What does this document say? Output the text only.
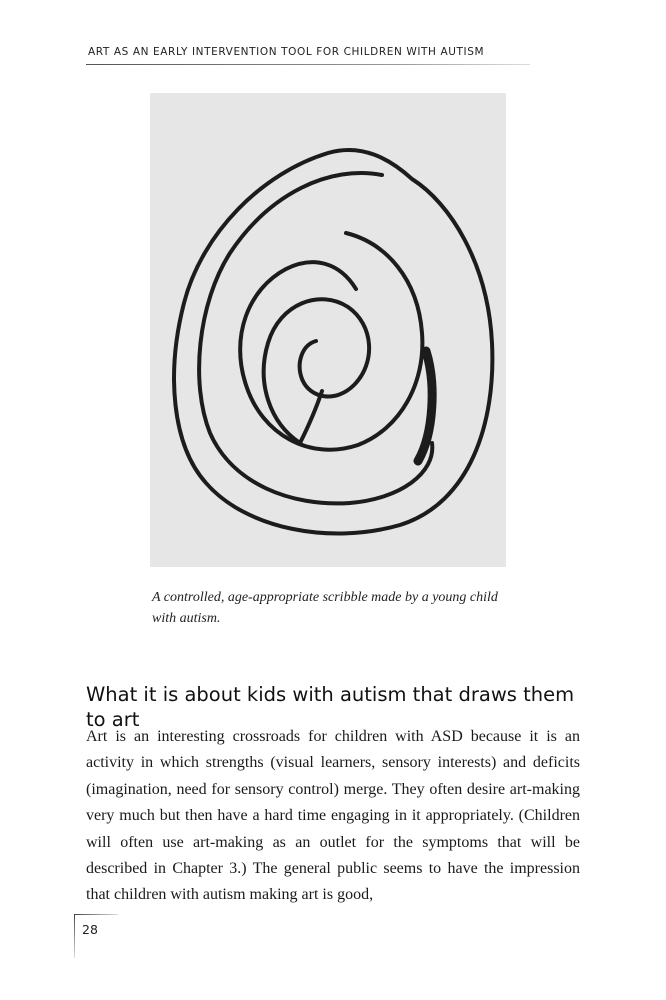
ART AS AN EARLY INTERVENTION TOOL FOR CHILDREN WITH AUTISM
A controlled, age-appropriate scribble made by a young child with autism.
What it is about kids with autism that draws them to art

Art is an interesting crossroads for children with ASD because it is an activity in which strengths (visual learners, sensory interests) and deficits (imagination, need for sensory control) merge. They often desire art-making very much but then have a hard time engaging in it appropriately. (Children will often use art-making as an outlet for the symptoms that will be described in Chapter 3.) The general public seems to have the impression that children with autism making art is good,

28
